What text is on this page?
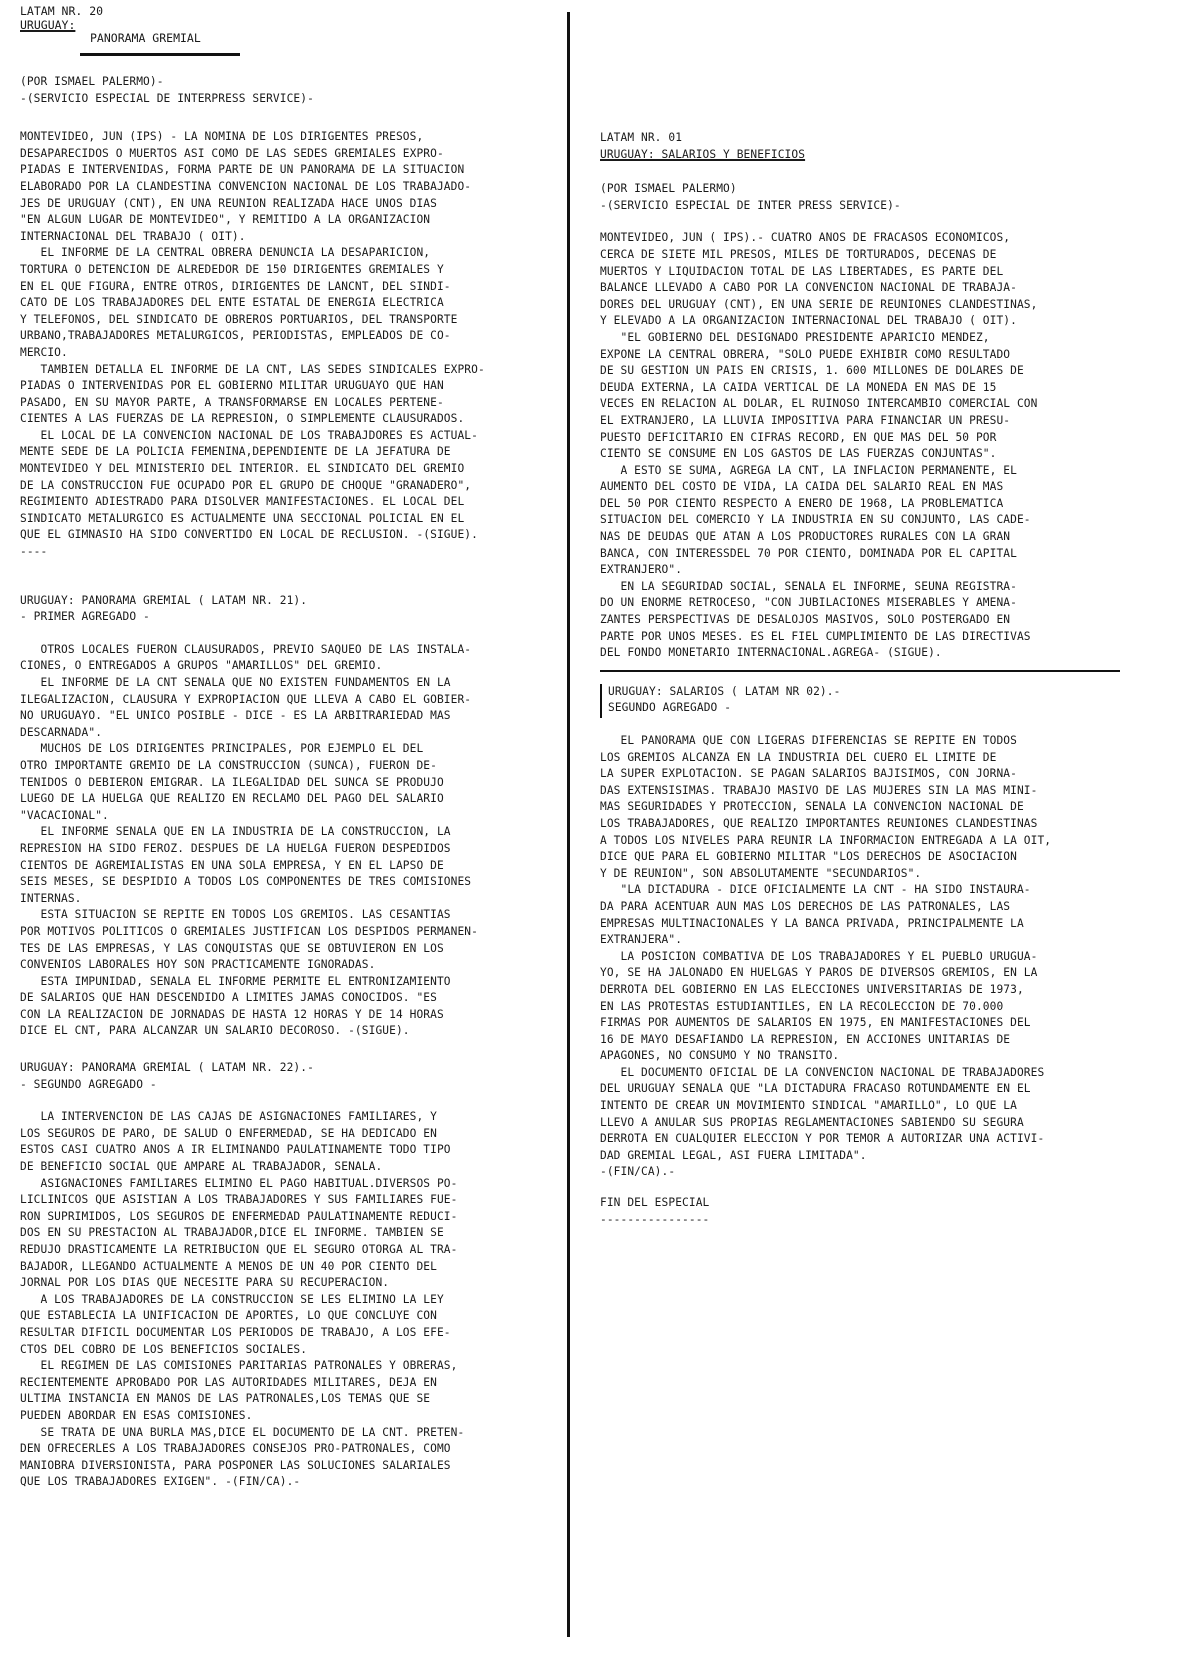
LATAM NR. 20
URUGUAY:
PANORAMA GREMIAL
(POR ISMAEL PALERMO)-
-(SERVICIO ESPECIAL DE INTERPRESS SERVICE)-
MONTEVIDEO, JUN (IPS) - LA NOMINA DE LOS DIRIGENTES PRESOS,
DESAPARECIDOS O MUERTOS ASI COMO DE LAS SEDES GREMIALES EXPRO-
PIADAS E INTERVENIDAS, FORMA PARTE DE UN PANORAMA DE LA SITUACION
ELABORADO POR LA CLANDESTINA CONVENCION NACIONAL DE LOS TRABAJADO-
JES DE URUGUAY (CNT), EN UNA REUNION REALIZADA HACE UNOS DIAS
"EN ALGUN LUGAR DE MONTEVIDEO", Y REMITIDO A LA ORGANIZACION
INTERNACIONAL DEL TRABAJO ( OIT).
EL INFORME DE LA CENTRAL OBRERA DENUNCIA LA DESAPARICION,
TORTURA O DETENCION DE ALREDEDOR DE 150 DIRIGENTES GREMIALES Y
EN EL QUE FIGURA, ENTRE OTROS, DIRIGENTES DE LANCNT, DEL SINDI-
CATO DE LOS TRABAJADORES DEL ENTE ESTATAL DE ENERGIA ELECTRICA
Y TELEFONOS, DEL SINDICATO DE OBREROS PORTUARIOS, DEL TRANSPORTE
URBANO,TRABAJADORES METALURGICOS, PERIODISTAS, EMPLEADOS DE CO-
MERCIO.
TAMBIEN DETALLA EL INFORME DE LA CNT, LAS SEDES SINDICALES EXPRO-
PIADAS O INTERVENIDAS POR EL GOBIERNO MILITAR URUGUAYO QUE HAN
PASADO, EN SU MAYOR PARTE, A TRANSFORMARSE EN LOCALES PERTENE-
CIENTES A LAS FUERZAS DE LA REPRESION, O SIMPLEMENTE CLAUSURADOS.
EL LOCAL DE LA CONVENCION NACIONAL DE LOS TRABAJDORES ES ACTUAL-
MENTE SEDE DE LA POLICIA FEMENINA,DEPENDIENTE DE LA JEFATURA DE
MONTEVIDEO Y DEL MINISTERIO DEL INTERIOR. EL SINDICATO DEL GREMIO
DE LA CONSTRUCCION FUE OCUPADO POR EL GRUPO DE CHOQUE "GRANADERO",
REGIMIENTO ADIESTRADO PARA DISOLVER MANIFESTACIONES. EL LOCAL DEL
SINDICATO METALURGICO ES ACTUALMENTE UNA SECCIONAL POLICIAL EN EL
QUE EL GIMNASIO HA SIDO CONVERTIDO EN LOCAL DE RECLUSION. -(SIGUE).
----
URUGUAY: PANORAMA GREMIAL ( LATAM NR. 21).
- PRIMER AGREGADO -
OTROS LOCALES FUERON CLAUSURADOS, PREVIO SAQUEO DE LAS INSTALA-
CIONES, O ENTREGADOS A GRUPOS "AMARILLOS" DEL GREMIO.
EL INFORME DE LA CNT SENALA QUE NO EXISTEN FUNDAMENTOS EN LA
ILEGALIZACION, CLAUSURA Y EXPROPIACION QUE LLEVA A CABO EL GOBIER-
NO URUGUAYO. "EL UNICO POSIBLE - DICE - ES LA ARBITRARIEDAD MAS
DESCARNADA".
MUCHOS DE LOS DIRIGENTES PRINCIPALES, POR EJEMPLO EL DEL
OTRO IMPORTANTE GREMIO DE LA CONSTRUCCION (SUNCA), FUERON DE-
TENIDOS O DEBIERON EMIGRAR. LA ILEGALIDAD DEL SUNCA SE PRODUJO
LUEGO DE LA HUELGA QUE REALIZO EN RECLAMO DEL PAGO DEL SALARIO
"VACACIONAL".
EL INFORME SENALA QUE EN LA INDUSTRIA DE LA CONSTRUCCION, LA
REPRESION HA SIDO FEROZ. DESPUES DE LA HUELGA FUERON DESPEDIDOS
CIENTOS DE AGREMIALISTAS EN UNA SOLA EMPRESA, Y EN EL LAPSO DE
SEIS MESES, SE DESPIDIO A TODOS LOS COMPONENTES DE TRES COMISIONES
INTERNAS.
ESTA SITUACION SE REPITE EN TODOS LOS GREMIOS. LAS CESANTIAS
POR MOTIVOS POLITICOS O GREMIALES JUSTIFICAN LOS DESPIDOS PERMANEN-
TES DE LAS EMPRESAS, Y LAS CONQUISTAS QUE SE OBTUVIERON EN LOS
CONVENIOS LABORALES HOY SON PRACTICAMENTE IGNORADAS.
ESTA IMPUNIDAD, SENALA EL INFORME PERMITE EL ENTRONIZAMIENTO
DE SALARIOS QUE HAN DESCENDIDO A LIMITES JAMAS CONOCIDOS. "ES
CON LA REALIZACION DE JORNADAS DE HASTA 12 HORAS Y DE 14 HORAS
DICE EL CNT, PARA ALCANZAR UN SALARIO DECOROSO. -(SIGUE).
URUGUAY: PANORAMA GREMIAL ( LATAM NR. 22).-
- SEGUNDO AGREGADO -
LA INTERVENCION DE LAS CAJAS DE ASIGNACIONES FAMILIARES, Y
LOS SEGUROS DE PARO, DE SALUD O ENFERMEDAD, SE HA DEDICADO EN
ESTOS CASI CUATRO ANOS A IR ELIMINANDO PAULATINAMENTE TODO TIPO
DE BENEFICIO SOCIAL QUE AMPARE AL TRABAJADOR, SENALA.
ASIGNACIONES FAMILIARES ELIMINO EL PAGO HABITUAL.DIVERSOS PO-
LICLINICOS QUE ASISTIAN A LOS TRABAJADORES Y SUS FAMILIARES FUE-
RON SUPRIMIDOS, LOS SEGUROS DE ENFERMEDAD PAULATINAMENTE REDUCI-
DOS EN SU PRESTACION AL TRABAJADOR,DICE EL INFORME. TAMBIEN SE
REDUJO DRASTICAMENTE LA RETRIBUCION QUE EL SEGURO OTORGA AL TRA-
BAJADOR, LLEGANDO ACTUALMENTE A MENOS DE UN 40 POR CIENTO DEL
JORNAL POR LOS DIAS QUE NECESITE PARA SU RECUPERACION.
A LOS TRABAJADORES DE LA CONSTRUCCION SE LES ELIMINO LA LEY
QUE ESTABLECIA LA UNIFICACION DE APORTES, LO QUE CONCLUYE CON
RESULTAR DIFICIL DOCUMENTAR LOS PERIODOS DE TRABAJO, A LOS EFE-
CTOS DEL COBRO DE LOS BENEFICIOS SOCIALES.
EL REGIMEN DE LAS COMISIONES PARITARIAS PATRONALES Y OBRERAS,
RECIENTEMENTE APROBADO POR LAS AUTORIDADES MILITARES, DEJA EN
ULTIMA INSTANCIA EN MANOS DE LAS PATRONALES,LOS TEMAS QUE SE
PUEDEN ABORDAR EN ESAS COMISIONES.
SE TRATA DE UNA BURLA MAS,DICE EL DOCUMENTO DE LA CNT. PRETEN-
DEN OFRECERLES A LOS TRABAJADORES CONSEJOS PRO-PATRONALES, COMO
MANIOBRA DIVERSIONISTA, PARA POSPONER LAS SOLUCIONES SALARIALES
QUE LOS TRABAJADORES EXIGEN". -(FIN/CA).-
LATAM NR. 01
URUGUAY: SALARIOS Y BENEFICIOS
(POR ISMAEL PALERMO)
-(SERVICIO ESPECIAL DE INTER PRESS SERVICE)-
MONTEVIDEO, JUN ( IPS).- CUATRO ANOS DE FRACASOS ECONOMICOS,
CERCA DE SIETE MIL PRESOS, MILES DE TORTURADOS, DECENAS DE
MUERTOS Y LIQUIDACION TOTAL DE LAS LIBERTADES, ES PARTE DEL
BALANCE LLEVADO A CABO POR LA CONVENCION NACIONAL DE TRABAJA-
DORES DEL URUGUAY (CNT), EN UNA SERIE DE REUNIONES CLANDESTINAS,
Y ELEVADO A LA ORGANIZACION INTERNACIONAL DEL TRABAJO ( OIT).
"EL GOBIERNO DEL DESIGNADO PRESIDENTE APARICIO MENDEZ,
EXPONE LA CENTRAL OBRERA, "SOLO PUEDE EXHIBIR COMO RESULTADO
DE SU GESTION UN PAIS EN CRISIS, 1. 600 MILLONES DE DOLARES DE
DEUDA EXTERNA, LA CAIDA VERTICAL DE LA MONEDA EN MAS DE 15
VECES EN RELACION AL DOLAR, EL RUINOSO INTERCAMBIO COMERCIAL CON
EL EXTRANJERO, LA LLUVIA IMPOSITIVA PARA FINANCIAR UN PRESU-
PUESTO DEFICITARIO EN CIFRAS RECORD, EN QUE MAS DEL 50 POR
CIENTO SE CONSUME EN LOS GASTOS DE LAS FUERZAS CONJUNTAS".
A ESTO SE SUMA, AGREGA LA CNT, LA INFLACION PERMANENTE, EL
AUMENTO DEL COSTO DE VIDA, LA CAIDA DEL SALARIO REAL EN MAS
DEL 50 POR CIENTO RESPECTO A ENERO DE 1968, LA PROBLEMATICA
SITUACION DEL COMERCIO Y LA INDUSTRIA EN SU CONJUNTO, LAS CADE-
NAS DE DEUDAS QUE ATAN A LOS PRODUCTORES RURALES CON LA GRAN
BANCA, CON INTERESSDEL 70 POR CIENTO, DOMINADA POR EL CAPITAL
EXTRANJERO".
EN LA SEGURIDAD SOCIAL, SENALA EL INFORME, SEUNA REGISTRA-
DO UN ENORME RETROCESO, "CON JUBILACIONES MISERABLES Y AMENA-
ZANTES PERSPECTIVAS DE DESALOJOS MASIVOS, SOLO POSTERGADO EN
PARTE POR UNOS MESES. ES EL FIEL CUMPLIMIENTO DE LAS DIRECTIVAS
DEL FONDO MONETARIO INTERNACIONAL.AGREGA- (SIGUE).
URUGUAY: SALARIOS ( LATAM NR 02).-
SEGUNDO AGREGADO -
EL PANORAMA QUE CON LIGERAS DIFERENCIAS SE REPITE EN TODOS
LOS GREMIOS ALCANZA EN LA INDUSTRIA DEL CUERO EL LIMITE DE
LA SUPER EXPLOTACION. SE PAGAN SALARIOS BAJISIMOS, CON JORNA-
DAS EXTENSISIMAS. TRABAJO MASIVO DE LAS MUJERES SIN LA MAS MINI-
MAS SEGURIDADES Y PROTECCION, SENALA LA CONVENCION NACIONAL DE
LOS TRABAJADORES, QUE REALIZO IMPORTANTES REUNIONES CLANDESTINAS
A TODOS LOS NIVELES PARA REUNIR LA INFORMACION ENTREGADA A LA OIT,
DICE QUE PARA EL GOBIERNO MILITAR "LOS DERECHOS DE ASOCIACION
Y DE REUNION", SON ABSOLUTAMENTE "SECUNDARIOS".
"LA DICTADURA - DICE OFICIALMENTE LA CNT - HA SIDO INSTAURA-
DA PARA ACENTUAR AUN MAS LOS DERECHOS DE LAS PATRONALES, LAS
EMPRESAS MULTINACIONALES Y LA BANCA PRIVADA, PRINCIPALMENTE LA
EXTRANJERA".
LA POSICION COMBATIVA DE LOS TRABAJADORES Y EL PUEBLO URUGUA-
YO, SE HA JALONADO EN HUELGAS Y PAROS DE DIVERSOS GREMIOS, EN LA
DERROTA DEL GOBIERNO EN LAS ELECCIONES UNIVERSITARIAS DE 1973,
EN LAS PROTESTAS ESTUDIANTILES, EN LA RECOLECCION DE 70.000
FIRMAS POR AUMENTOS DE SALARIOS EN 1975, EN MANIFESTACIONES DEL
16 DE MAYO DESAFIANDO LA REPRESION, EN ACCIONES UNITARIAS DE
APAGONES, NO CONSUMO Y NO TRANSITO.
EL DOCUMENTO OFICIAL DE LA CONVENCION NACIONAL DE TRABAJADORES
DEL URUGUAY SENALA QUE "LA DICTADURA FRACASO ROTUNDAMENTE EN EL
INTENTO DE CREAR UN MOVIMIENTO SINDICAL "AMARILLO", LO QUE LA
LLEVO A ANULAR SUS PROPIAS REGLAMENTACIONES SABIENDO SU SEGURA
DERROTA EN CUALQUIER ELECCION Y POR TEMOR A AUTORIZAR UNA ACTIVI-
DAD GREMIAL LEGAL, ASI FUERA LIMITADA".
-(FIN/CA).-
FIN DEL ESPECIAL
----------------
